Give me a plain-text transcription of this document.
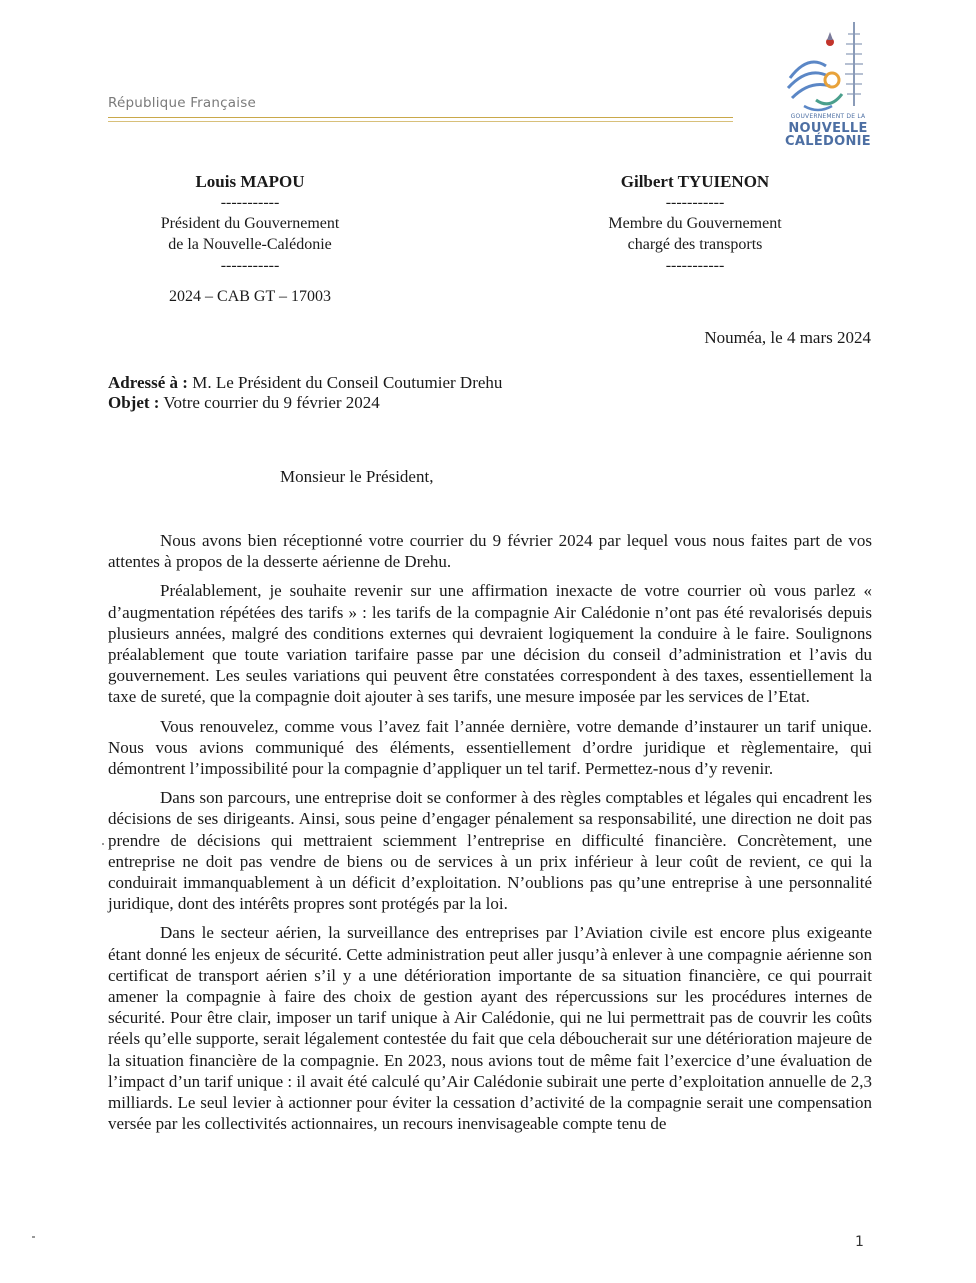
République Française
GOUVERNEMENT DE LA
NOUVELLE
CALÉDONIE
Louis MAPOU
-----------
Président du Gouvernement
de la Nouvelle-Calédonie
-----------
2024 – CAB GT – 17003
Gilbert TYUIENON
-----------
Membre du Gouvernement
chargé des transports
-----------
Nouméa, le 4 mars 2024
Adressé à : M. Le Président du Conseil Coutumier Drehu
Objet : Votre courrier du 9 février 2024
Monsieur le Président,

Nous avons bien réceptionné votre courrier du 9 février 2024 par lequel vous nous faites part de vos attentes à propos de la desserte aérienne de Drehu.

Préalablement, je souhaite revenir sur une affirmation inexacte de votre courrier où vous parlez « d’augmentation répétées des tarifs » : les tarifs de la compagnie Air Calédonie n’ont pas été revalorisés depuis plusieurs années, malgré des conditions externes qui devraient logiquement la conduire à le faire. Soulignons préalablement que toute variation tarifaire passe par une décision du conseil d’administration et l’avis du gouvernement. Les seules variations qui peuvent être constatées correspondent à des taxes, essentiellement la taxe de sureté, que la compagnie doit ajouter à ses tarifs, une mesure imposée par les services de l’Etat.

Vous renouvelez, comme vous l’avez fait l’année dernière, votre demande d’instaurer un tarif unique. Nous vous avions communiqué des éléments, essentiellement d’ordre juridique et règlementaire, qui démontrent l’impossibilité pour la compagnie d’appliquer un tel tarif. Permettez-nous d’y revenir.

Dans son parcours, une entreprise doit se conformer à des règles comptables et légales qui encadrent les décisions de ses dirigeants. Ainsi, sous peine d’engager pénalement sa responsabilité, une direction ne doit pas prendre de décisions qui mettraient sciemment l’entreprise en difficulté financière. Concrètement, une entreprise ne doit pas vendre de biens ou de services à un prix inférieur à leur coût de revient, ce qui la conduirait immanquablement à un déficit d’exploitation. N’oublions pas qu’une entreprise à une personnalité juridique, dont des intérêts propres sont protégés par la loi.

Dans le secteur aérien, la surveillance des entreprises par l’Aviation civile est encore plus exigeante étant donné les enjeux de sécurité. Cette administration peut aller jusqu’à enlever à une compagnie aérienne son certificat de transport aérien s’il y a une détérioration importante de sa situation financière, ce qui pourrait amener la compagnie à faire des choix de gestion ayant des répercussions sur les procédures internes de sécurité. Pour être clair, imposer un tarif unique à Air Calédonie, qui ne lui permettrait pas de couvrir les coûts réels qu’elle supporte, serait légalement contestée du fait que cela déboucherait sur une détérioration majeure de la situation financière de la compagnie. En 2023, nous avions tout de même fait l’exercice d’une évaluation de l’impact d’un tarif unique : il avait été calculé qu’Air Calédonie subirait une perte d’exploitation annuelle de 2,3 milliards. Le seul levier à actionner pour éviter la cessation d’activité de la compagnie serait une compensation versée par les collectivités actionnaires, un recours inenvisageable compte tenu de

1
